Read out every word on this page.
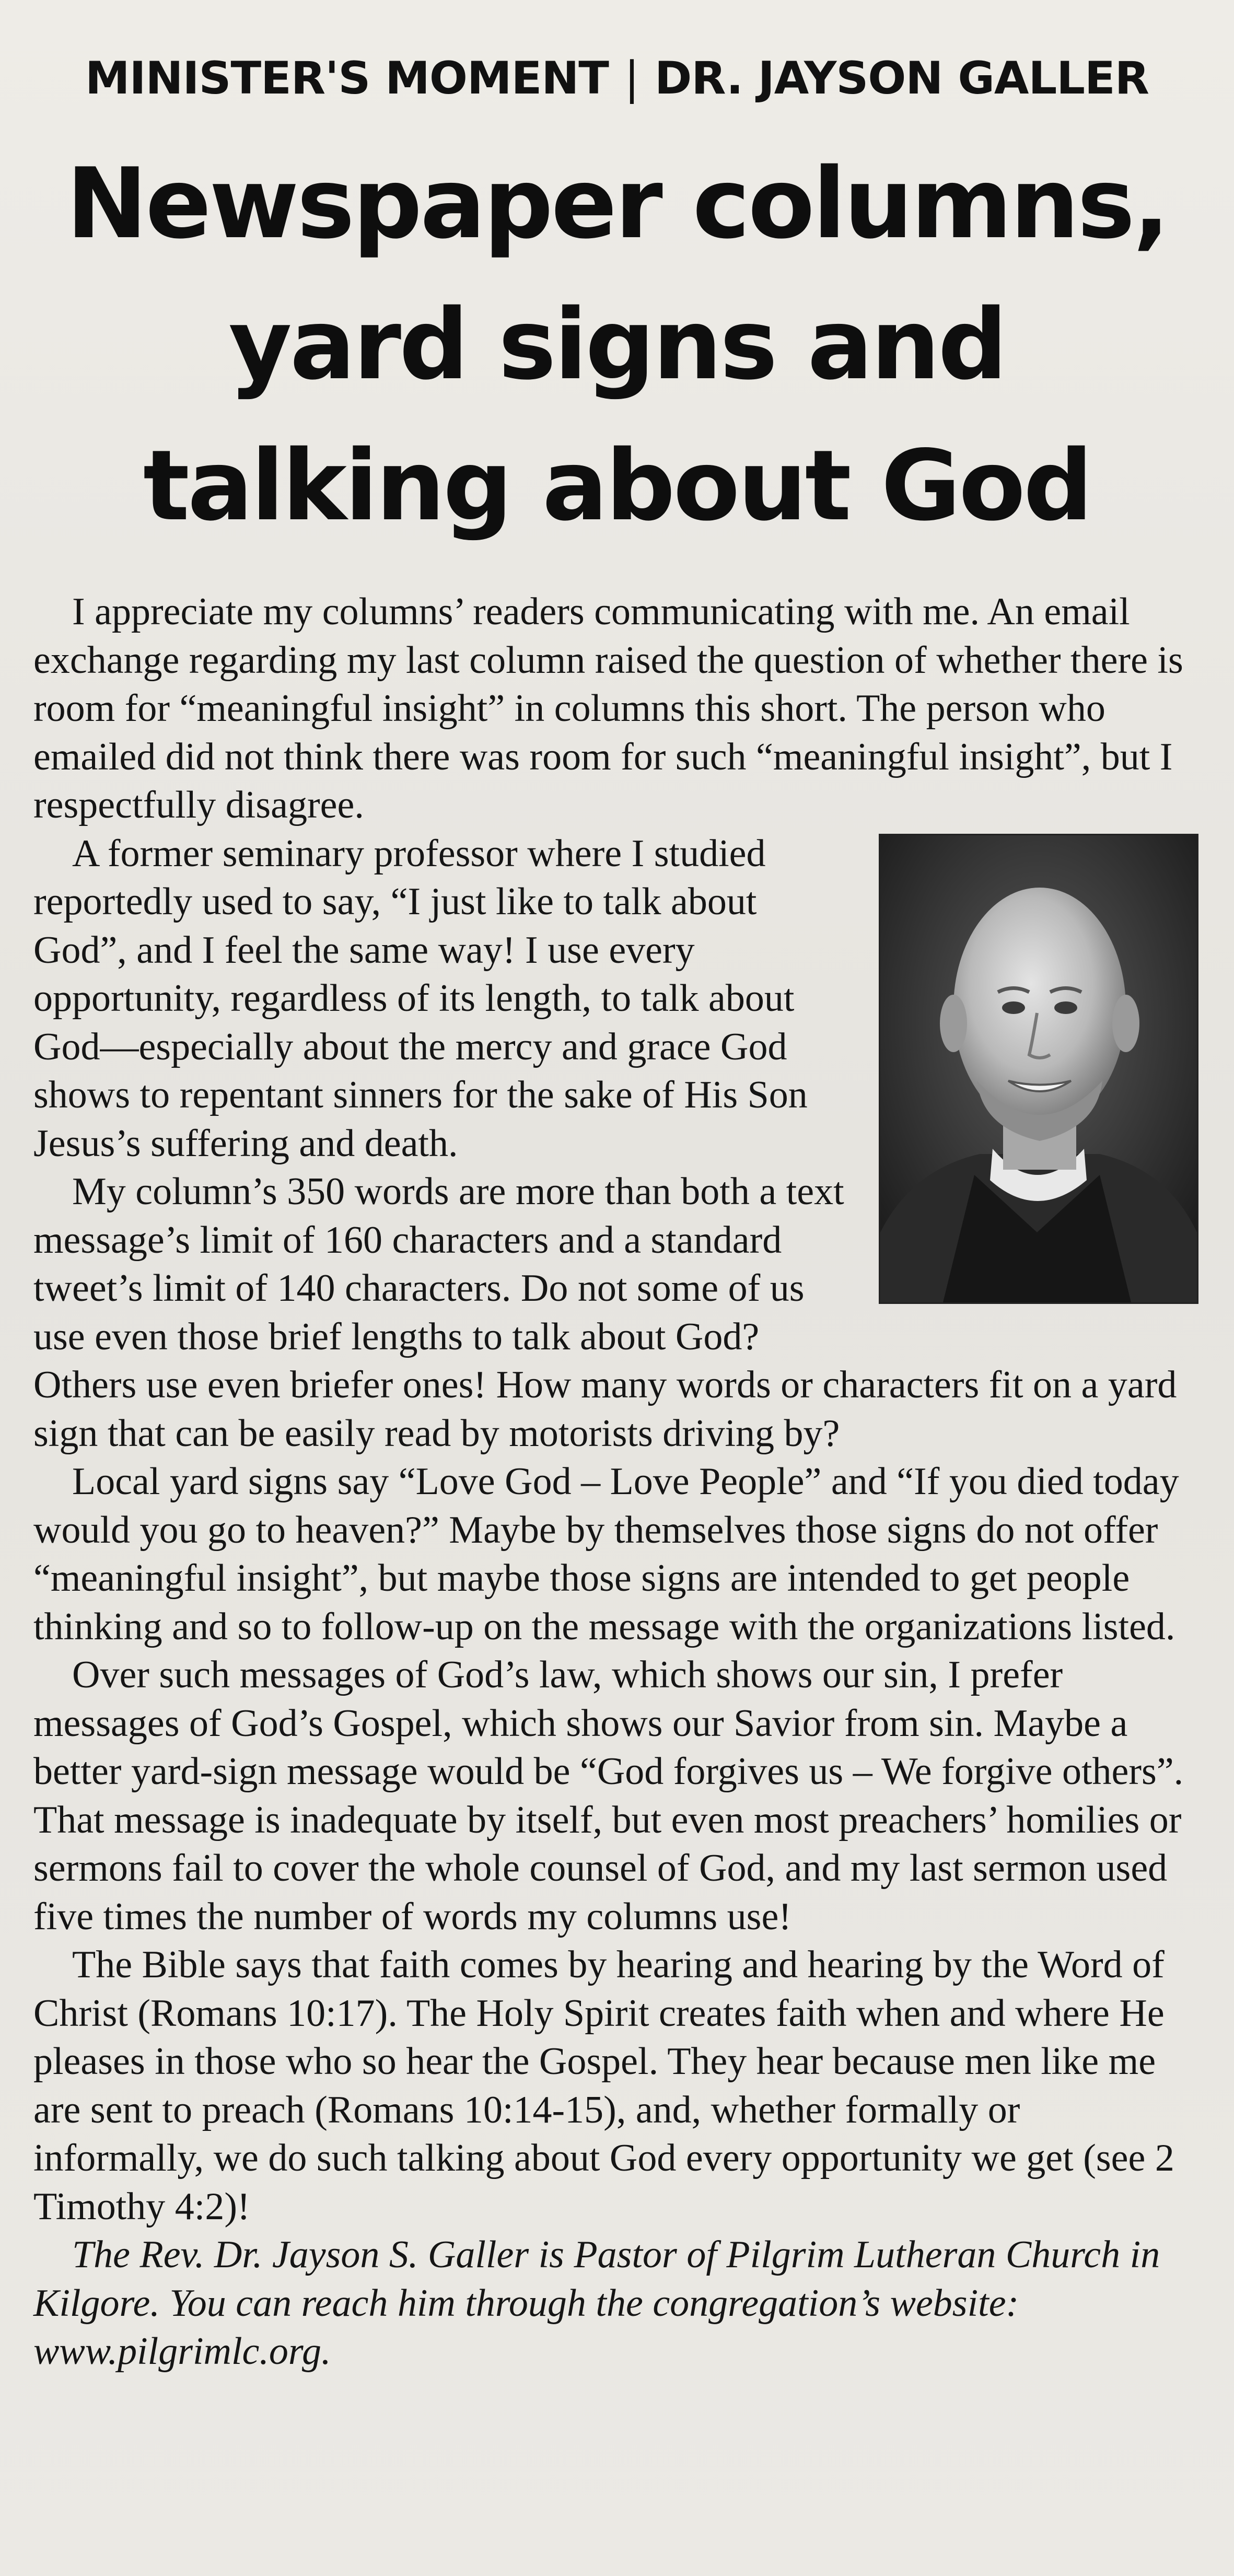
MINISTER'S MOMENT | DR. JAYSON GALLER
Newspaper columns,
yard signs and
talking about God

I appreciate my columns’ readers communicating with me. An email exchange regarding my last column raised the question of whether there is room for “meaningful insight” in columns this short. The person who emailed did not think there was room for such “meaningful insight”, but I respectfully disagree.

A former seminary professor where I studied reportedly used to say, “I just like to talk about God”, and I feel the same way! I use every opportunity, regardless of its length, to talk about God—especially about the mercy and grace God shows to repentant sinners for the sake of His Son Jesus’s suffering and death.

My column’s 350 words are more than both a text message’s limit of 160 characters and a standard tweet’s limit of 140 characters. Do not some of us use even those brief lengths to talk about God? Others use even briefer ones! How many words or characters fit on a yard sign that can be easily read by motorists driving by?

Local yard signs say “Love God – Love People” and “If you died today would you go to heaven?” Maybe by themselves those signs do not offer “meaningful insight”, but maybe those signs are intended to get people thinking and so to follow-up on the message with the organizations listed.

Over such messages of God’s law, which shows our sin, I prefer messages of God’s Gospel, which shows our Savior from sin. Maybe a better yard-sign message would be “God forgives us – We forgive others”. That message is inadequate by itself, but even most preachers’ homilies or sermons fail to cover the whole counsel of God, and my last sermon used five times the number of words my columns use!

The Bible says that faith comes by hearing and hearing by the Word of Christ (Romans 10:17). The Holy Spirit creates faith when and where He pleases in those who so hear the Gospel. They hear because men like me are sent to preach (Romans 10:14-15), and, whether formally or informally, we do such talking about God every opportunity we get (see 2 Timothy 4:2)!

The Rev. Dr. Jayson S. Galler is Pastor of Pilgrim Lutheran Church in Kilgore. You can reach him through the congregation’s website: www.pilgrimlc.org.
